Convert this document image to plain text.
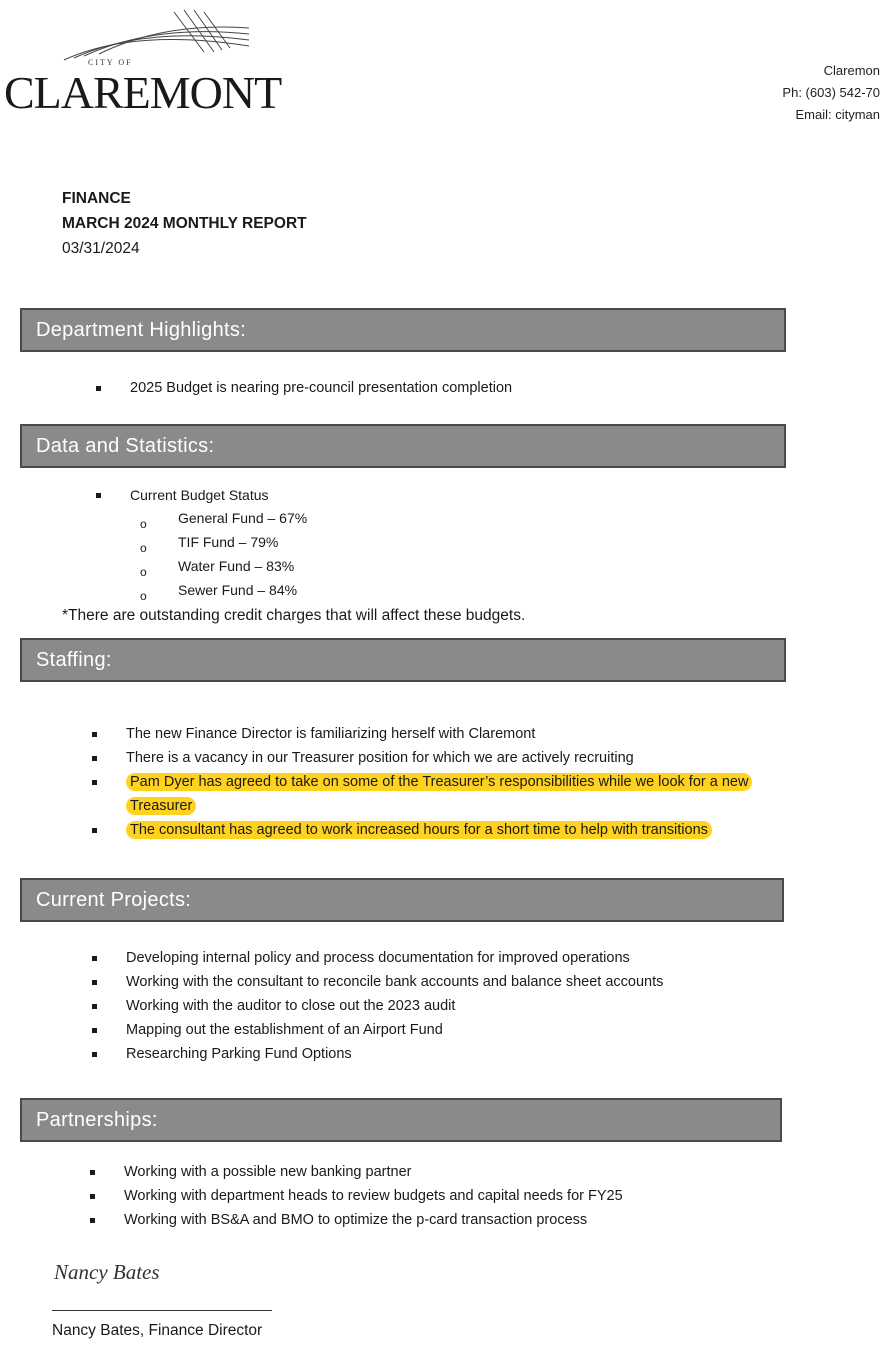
CITY OF
CLAREMONT	Claremon
Ph: (603) 542-70
Email: cityman
FINANCE
MARCH 2024 MONTHLY REPORT
03/31/2024
Department Highlights:
2025 Budget is nearing pre-council presentation completion
Data and Statistics:
Current Budget Status
o General Fund – 67%
o TIF Fund – 79%
o Water Fund – 83%
o Sewer Fund – 84%
*There are outstanding credit charges that will affect these budgets.
Staffing:
The new Finance Director is familiarizing herself with Claremont
There is a vacancy in our Treasurer position for which we are actively recruiting
Pam Dyer has agreed to take on some of the Treasurer’s responsibilities while we look for a new
Treasurer
The consultant has agreed to work increased hours for a short time to help with transitions
Current Projects:
Developing internal policy and process documentation for improved operations
Working with the consultant to reconcile bank accounts and balance sheet accounts
Working with the auditor to close out the 2023 audit
Mapping out the establishment of an Airport Fund
Researching Parking Fund Options
Partnerships:
Working with a possible new banking partner
Working with department heads to review budgets and capital needs for FY25
Working with BS&A and BMO to optimize the p-card transaction process
Nancy Bates
Nancy Bates, Finance Director
